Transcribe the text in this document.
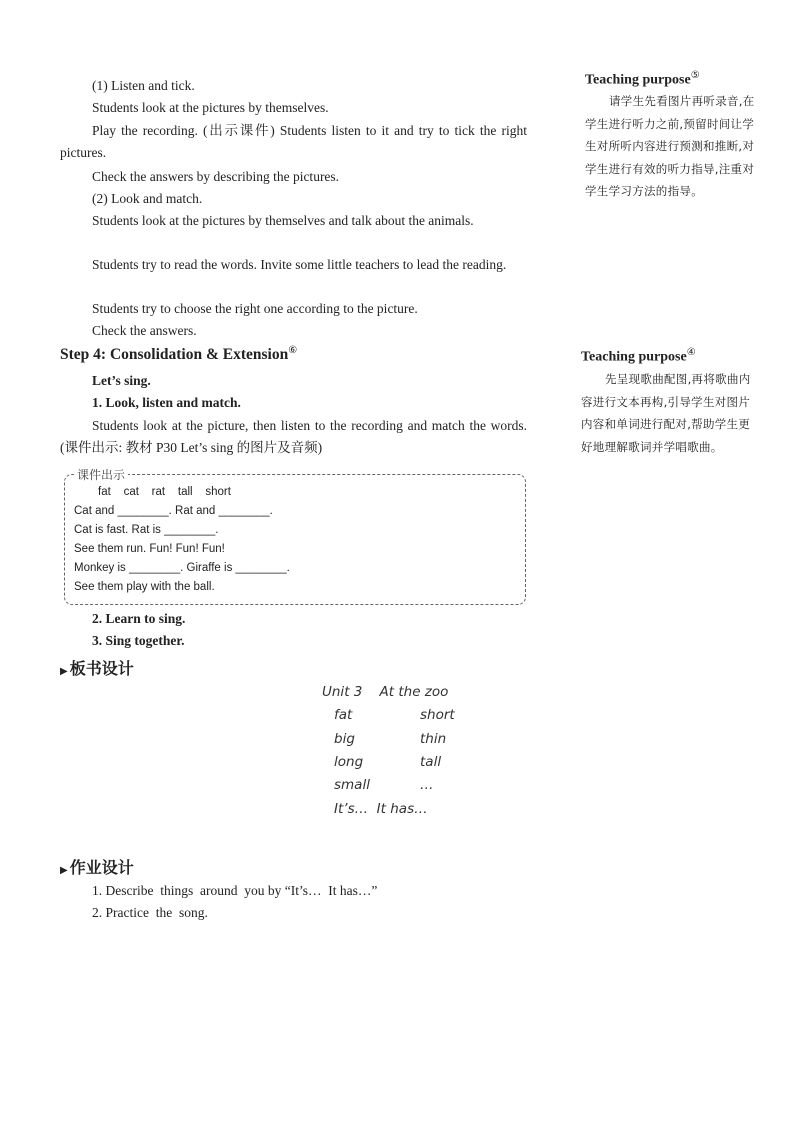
(1) Listen and tick.
Students look at the pictures by themselves.
Play the recording. (出示课件) Students listen to it and try to tick the right pictures.
Check the answers by describing the pictures.
(2) Look and match.
Students look at the pictures by themselves and talk about the animals.
Students try to read the words. Invite some little teachers to lead the reading.
Students try to choose the right one according to the picture.
Check the answers.
Step 4: Consolidation & Extension⑥
Let’s sing.
1. Look, listen and match.
Students look at the picture, then listen to the recording and match the words. (课件出示: 教材 P30 Let’s sing 的图片及音频)
课件出示
fat    cat    rat    tall    short
Cat and ________. Rat and ________.
Cat is fast. Rat is ________.
See them run. Fun! Fun! Fun!
Monkey is ________. Giraffe is ________.
See them play with the ball.
2. Learn to sing.
3. Sing together.
▶ 板书设计
Unit 3    At the zoo
fat	short
big	thin
long	tall
small	…
It’s…  It has…
▶ 作业设计
1. Describe  things  around  you by “It’s…  It has…”
2. Practice  the  song.
Teaching purpose⑤
请学生先看图片再听录音,在学生进行听力之前,预留时间让学生对所听内容进行预测和推断,对学生进行有效的听力指导,注重对学生学习方法的指导。
Teaching purpose④
先呈现歌曲配图,再将歌曲内容进行文本再构,引导学生对图片内容和单词进行配对,帮助学生更好地理解歌词并学唱歌曲。
